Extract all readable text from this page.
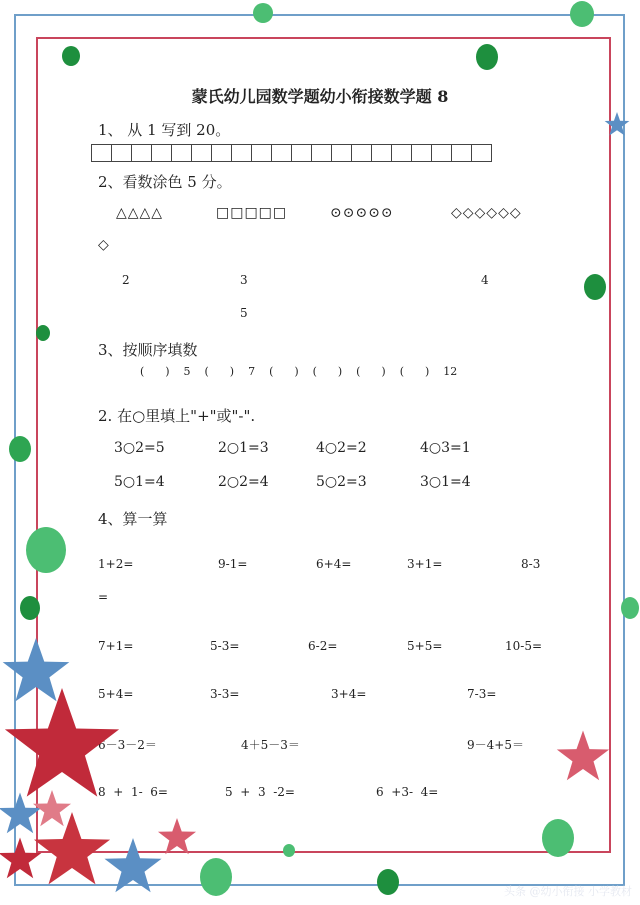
蒙氏幼儿园数学题幼小衔接数学题 8
1、 从 1 写到 20。
2、看数涂色 5 分。
△△△△	□□□□□	⊙⊙⊙⊙⊙	◇◇◇◇◇◇
◇
2	3	4
5
3、按顺序填数
(      )    5    (      )    7    (      )    (      )    (      )    (      )    12
2. 在○里填上"+"或"-".
3○2=5	2○1=3	4○2=2	4○3=1
5○1=4	2○2=4	5○2=3	3○1=4
4、算一算
1+2=	9-1=	6+4=	3+1=	8-3
=
7+1=	5-3=	6-2=	5+5=	10-5=
5+4=	3-3=	3+4=	7-3=
6－3－2＝	4＋5－3＝	9－4+5＝
8  +  1-  6=	5  +  3  -2=	6  +3-  4=
头条 @幼小衔接 小学教材
